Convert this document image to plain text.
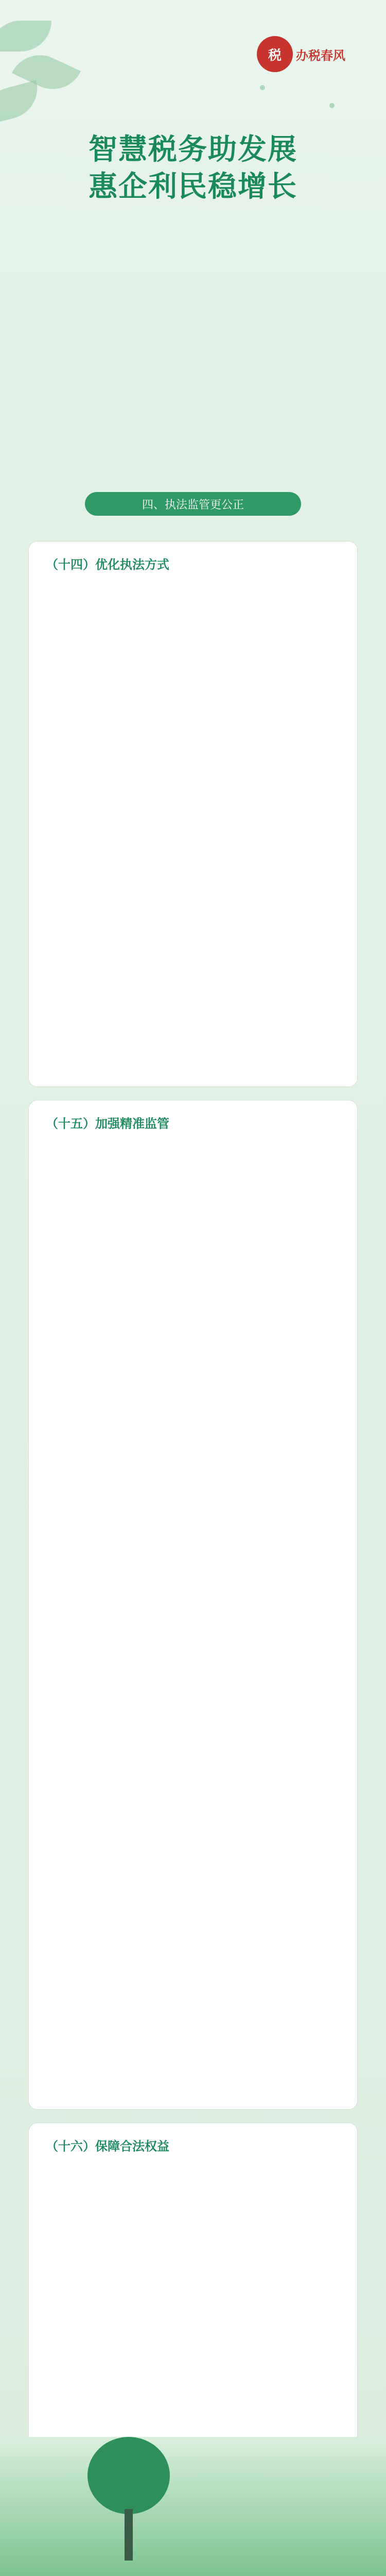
税	办税春风
智慧税务助发展
惠企利民稳增长
四、执法监管更公正
（十四）优化执法方式
（十五）加强精准监管
（十六）保障合法权益
